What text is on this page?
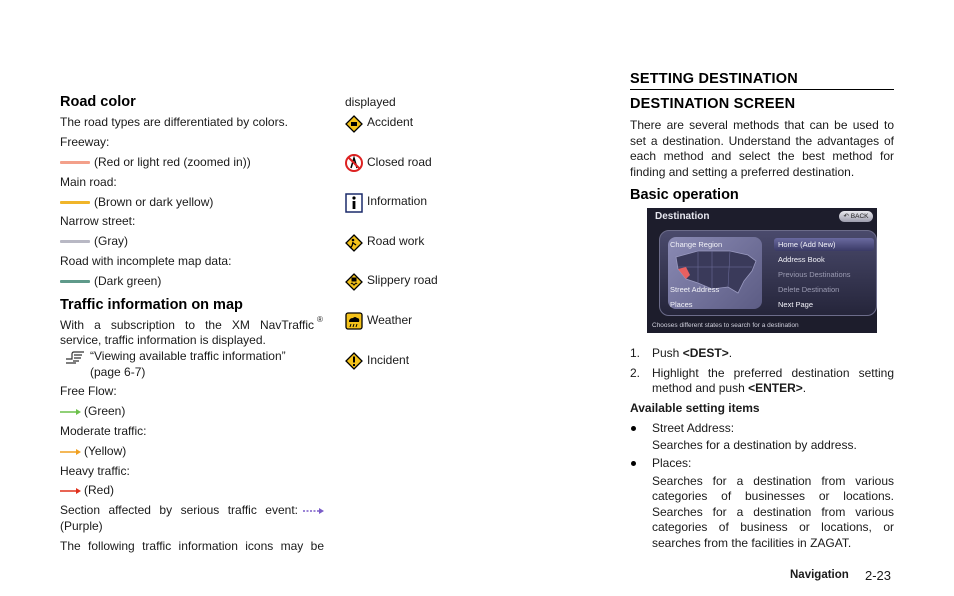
Road color
The road types are differentiated by colors.
Freeway:
(Red or light red (zoomed in))
Main road:
(Brown or dark yellow)
Narrow street:
(Gray)
Road with incomplete map data:
(Dark green)
Traffic information on map
With a subscription to the XM NavTraffic ®
service, traffic information is displayed.
“Viewing available traffic information”
(page 6-7)
Free Flow:
(Green)
Moderate traffic:
(Yellow)
Heavy traffic:
(Red)
Section affected by serious traffic event:
(Purple)
The following traffic information icons may be
displayed
Accident
Closed road
Information
Road work
Slippery road
Weather
Incident
SETTING DESTINATION
DESTINATION SCREEN
There are several methods that can be used to
set a destination. Understand the advantages of
each method and select the best method for
finding and setting a preferred destination.
Basic operation
Destination	↶ BACK
Change Region
Street Address
Places
Home (Add New)
Address Book
Previous Destinations
Delete Destination
Next Page
Chooses different states to search for a destination
1. Push <DEST>.
2. Highlight the preferred destination setting
method and push <ENTER>.
Available setting items
Street Address:
Searches for a destination by address.
Places:
Searches for a destination from various
categories of businesses or locations.
Searches for a destination from various
categories of business or locations, or
searches from the facilities in ZAGAT.
Navigation 2-23
